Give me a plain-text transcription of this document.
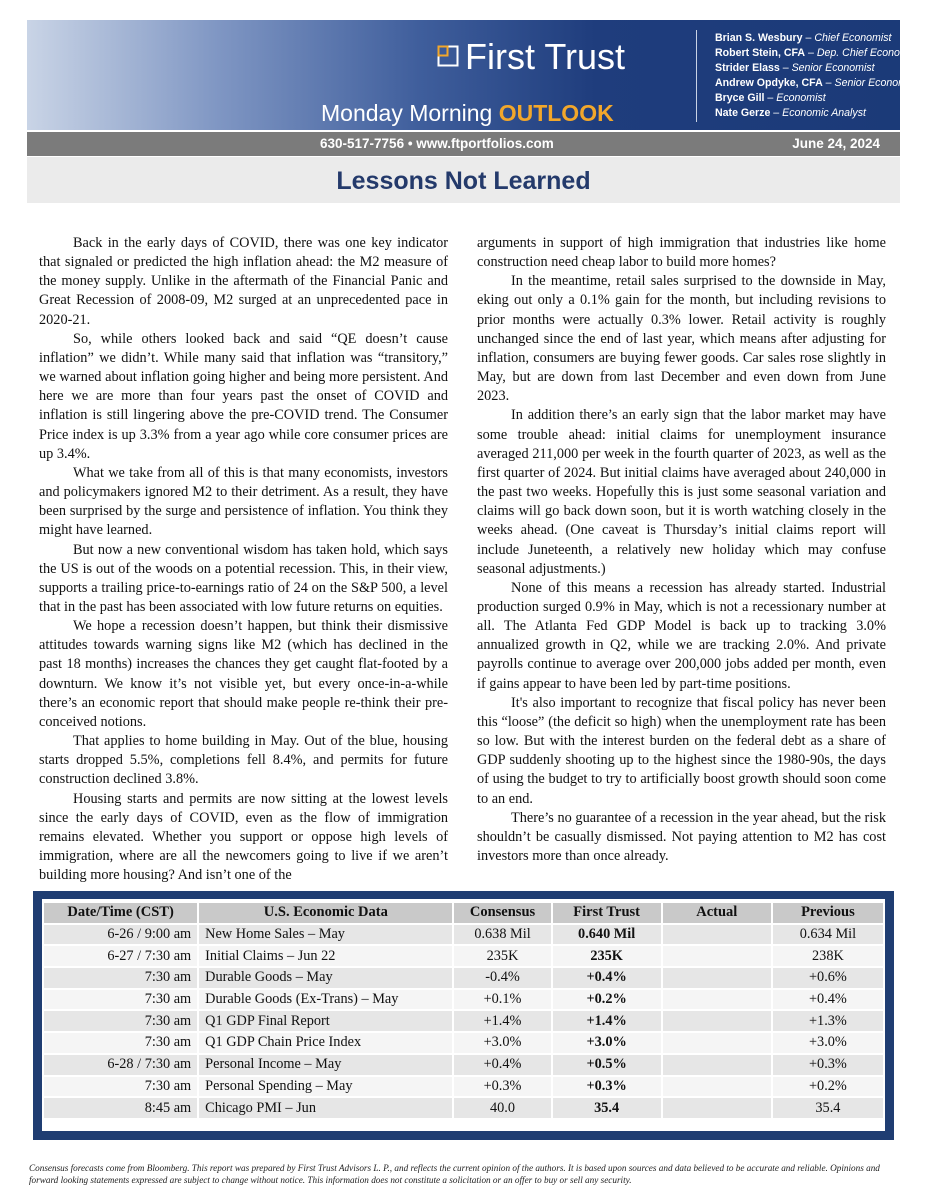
First Trust
Monday Morning OUTLOOK
Brian S. Wesbury – Chief Economist
Robert Stein, CFA – Dep. Chief Economist
Strider Elass – Senior Economist
Andrew Opdyke, CFA – Senior Economist
Bryce Gill – Economist
Nate Gerze – Economic Analyst
630-517-7756 • www.ftportfolios.com	June 24, 2024
Lessons Not Learned

Back in the early days of COVID, there was one key indicator that signaled or predicted the high inflation ahead: the M2 measure of the money supply. Unlike in the aftermath of the Financial Panic and Great Recession of 2008-09, M2 surged at an unprecedented pace in 2020-21.

So, while others looked back and said “QE doesn’t cause inflation” we didn’t. While many said that inflation was “transitory,” we warned about inflation going higher and being more persistent. And here we are more than four years past the onset of COVID and inflation is still lingering above the pre-COVID trend. The Consumer Price index is up 3.3% from a year ago while core consumer prices are up 3.4%.

What we take from all of this is that many economists, investors and policymakers ignored M2 to their detriment. As a result, they have been surprised by the surge and persistence of inflation. You think they might have learned.

But now a new conventional wisdom has taken hold, which says the US is out of the woods on a potential recession. This, in their view, supports a trailing price-to-earnings ratio of 24 on the S&P 500, a level that in the past has been associated with low future returns on equities.

We hope a recession doesn’t happen, but think their dismissive attitudes towards warning signs like M2 (which has declined in the past 18 months) increases the chances they get caught flat-footed by a downturn. We know it’s not visible yet, but every once-in-a-while there’s an economic report that should make people re-think their pre-conceived notions.

That applies to home building in May. Out of the blue, housing starts dropped 5.5%, completions fell 8.4%, and permits for future construction declined 3.8%.

Housing starts and permits are now sitting at the lowest levels since the early days of COVID, even as the flow of immigration remains elevated. Whether you support or oppose high levels of immigration, where are all the newcomers going to live if we aren’t building more housing? And isn’t one of the

arguments in support of high immigration that industries like home construction need cheap labor to build more homes?

In the meantime, retail sales surprised to the downside in May, eking out only a 0.1% gain for the month, but including revisions to prior months were actually 0.3% lower. Retail activity is roughly unchanged since the end of last year, which means after adjusting for inflation, consumers are buying fewer goods. Car sales rose slightly in May, but are down from last December and even down from June 2023.

In addition there’s an early sign that the labor market may have some trouble ahead: initial claims for unemployment insurance averaged 211,000 per week in the fourth quarter of 2023, as well as the first quarter of 2024. But initial claims have averaged about 240,000 in the past two weeks. Hopefully this is just some seasonal variation and claims will go back down soon, but it is worth watching closely in the weeks ahead. (One caveat is Thursday’s initial claims report will include Juneteenth, a relatively new holiday which may confuse seasonal adjustments.)

None of this means a recession has already started. Industrial production surged 0.9% in May, which is not a recessionary number at all. The Atlanta Fed GDP Model is back up to tracking 3.0% annualized growth in Q2, while we are tracking 2.0%. And private payrolls continue to average over 200,000 jobs added per month, even if gains appear to have been led by part-time positions.

It's also important to recognize that fiscal policy has never been this “loose” (the deficit so high) when the unemployment rate has been so low. But with the interest burden on the federal debt as a share of GDP suddenly shooting up to the highest since the 1980-90s, the days of using the budget to try to artificially boost growth should soon come to an end.

There’s no guarantee of a recession in the year ahead, but the risk shouldn’t be casually dismissed. Not paying attention to M2 has cost investors more than once already.

Date/Time (CST)	U.S. Economic Data	Consensus	First Trust	Actual	Previous
6-26 / 9:00 am	New Home Sales – May	0.638 Mil	0.640 Mil		0.634 Mil
6-27 / 7:30 am	Initial Claims – Jun 22	235K	235K		238K
7:30 am	Durable Goods – May	-0.4%	+0.4%		+0.6%
7:30 am	Durable Goods (Ex-Trans) – May	+0.1%	+0.2%		+0.4%
7:30 am	Q1 GDP Final Report	+1.4%	+1.4%		+1.3%
7:30 am	Q1 GDP Chain Price Index	+3.0%	+3.0%		+3.0%
6-28 / 7:30 am	Personal Income – May	+0.4%	+0.5%		+0.3%
7:30 am	Personal Spending – May	+0.3%	+0.3%		+0.2%
8:45 am	Chicago PMI – Jun	40.0	35.4		35.4
Consensus forecasts come from Bloomberg. This report was prepared by First Trust Advisors L. P., and reflects the current opinion of the authors. It is based upon sources and data believed to be accurate and reliable. Opinions and forward looking statements expressed are subject to change without notice. This information does not constitute a solicitation or an offer to buy or sell any security.
